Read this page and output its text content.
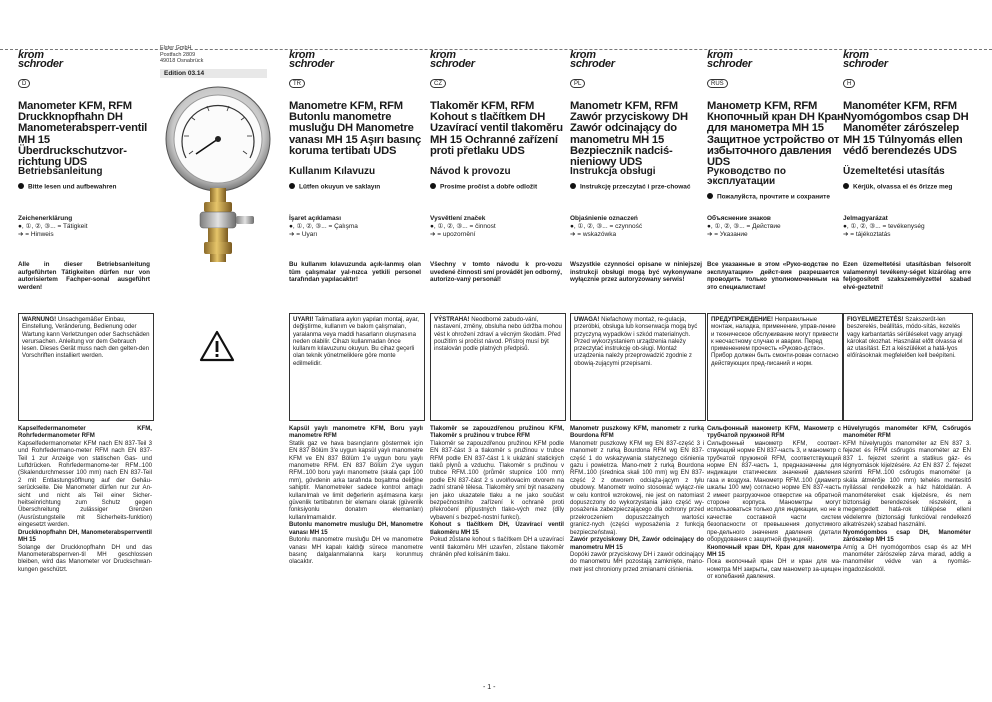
Elster GmbH
Postfach 2809
49018 Osnabrück
Edition 03.14
krom
schroder
D
Manometer KFM, RFM Druckknopfhahn DH Manometerabsperr-ventil MH 15 Überdruckschutzvor-richtung UDS
Betriebsanleitung
Bitte lesen und aufbewahren
Zeichenerklärung
●, ①, ②, ③... = Tätigkeit
➔ = Hinweis
Alle in dieser Betriebsanleitung aufgeführten Tätigkeiten dürfen nur von autorisiertem Fachper-sonal ausgeführt werden!
WARNUNG! Unsachgemäßer Einbau, Einstellung, Veränderung, Bedienung oder Wartung kann Verletzungen oder Sachschäden verursachen. Anleitung vor dem Gebrauch lesen. Dieses Gerät muss nach den gelten-den Vorschriften installiert werden.
Kapselfedermanometer KFM, Rohrfedermanometer RFM
Kapselfedermanometer KFM nach EN 837-Teil 3 und Rohrfedermano-meter RFM nach EN 837-Teil 1 zur Anzeige von statischen Gas- und Luftdrücken. Rohrfedermanome-ter RFM..100 (Skalendurchmesser 100 mm) nach EN 837-Teil 2 mit Entlastungsöffnung auf der Gehäu-serückseite. Die Manometer dürfen nur zur An-sicht und nicht als Teil einer Sicher-heitseinrichtung zum Schutz gegen Überschreitung zulässiger Grenzen (Ausrüstungsteile mit Sicherheits-funktion) eingesetzt werden.
Druckknopfhahn DH, Manometerabsperrventil MH 15
Solange der Druckknopfhahn DH und das Manometerabsperrven-til MH geschlossen bleiben, wird das Manometer vor Druckschwan-kungen geschützt.
krom
schroder
TR
Manometre KFM, RFM Butonlu manometre musluğu DH Manometre vanası MH 15 Aşırı basınç koruma tertibatı UDS
Kullanım Kılavuzu
Lütfen okuyun ve saklayın
İşaret açıklaması
●, ①, ②, ③... = Çalışma
➔ = Uyarı
Bu kullanım kılavuzunda açık-lanmış olan tüm çalışmalar yal-nızca yetkili personel tarafından yapılacaktır!
UYARI! Talimatlara aykırı yapılan montaj, ayar, değiştirme, kullanım ve bakım çalışmaları, yaralanma veya maddi hasarların oluşmasına neden olabilir. Cihazı kullanmadan önce kullanım kılavuzunu okuyun. Bu cihaz geçerli olan teknik yönetmeliklere göre monte edilmelidir.
Kapsül yaylı manometre KFM, Boru yaylı manometre RFM
Statik gaz ve hava basınçlarını göstermek için EN 837 Bölüm 3'e uygun kapsül yaylı manometre KFM ve EN 837 Bölüm 1'e uygun boru yaylı manometre RFM. EN 837 Bölüm 2'ye uygun RFM..100 boru yaylı manometre (skala çapı 100 mm), gövdenin arka tarafında boşaltma deliğine sahiptir. Manometreler sadece kontrol amaçlı kullanılmalı ve limit değerlerin aşılmasına karşı güvenlik tertibatının bir elemanı olarak (güvenlik fonksiyonlu donatım elemanları) kullanılmamalıdır.
Butonlu manometre musluğu DH, Manometre vanası MH 15
Butonlu manometre musluğu DH ve manometre vanası MH kapalı kaldığı sürece manometre basınç dalgalanmalarına karşı korunmuş olacaktır.
krom
schroder
CZ
Tlakoměr KFM, RFM Kohout s tlačítkem DH Uzavírací ventil tlakoměru MH 15 Ochranné zařízení proti přetlaku UDS
Návod k provozu
Prosíme pročíst a dobře odložit
Vysvětlení značek
●, ①, ②, ③... = činnost
➔ = upozornění
Všechny v tomto návodu k pro-vozu uvedené činnosti smí provádět jen odborný, autorizo-vaný personál!
VÝSTRAHA! Neodborné zabudo-vání, nastavení, změny, obsluha nebo údržba mohou vést k ohrožení zdraví a věcným škodám. Před použitím si pročíst návod. Přístroj musí být instalován podle platných předpisů.
Tlakoměr se zapouzdřenou pružinou KFM, Tlakoměr s pružinou v trubce RFM
Tlakoměr se zapouzdřenou pružinou KFM podle EN 837-část 3 a tlakoměr s pružinou v trubce RFM podle EN 837-část 1 k ukázání statických tlaků plynů a vzduchu. Tlakoměr s pružinou v trubce RFM..100 (průměr stupnice 100 mm) podle EN 837-část 2 s uvolňovacím otvorem na zadní straně tělesa. Tlakoměry smí být nasazeny jen jako ukazatele tlaku a ne jako součást bezpečnostního zařízení k ochraně proti překročení přípustných tlako-vých mez (díly vybavení s bezpeč-nostní funkcí).
Kohout s tlačítkem DH, Uzavírací ventil tlakoměru MH 15
Pokud zůstane kohout s tlačítkem DH a uzavírací ventil tlakoměru MH uzavřen, zůstane tlakoměr chráněn před kolísáním tlaku.
krom
schroder
PL
Manometr KFM, RFM Zawór przyciskowy DH Zawór odcinający do manometru MH 15 Bezpiecznik nadciś-nieniowy UDS
Instrukcja obsługi
Instrukcję przeczytać i prze-chować
Objaśnienie oznaczeń
●, ①, ②, ③... = czynność
➔ = wskazówka
Wszystkie czynności opisane w niniejszej instrukcji obsługi mogą być wykonywane wyłącznie przez autoryzowany serwis!
UWAGA! Niefachowy montaż, re-gulacja, przeróbki, obsługa lub konserwacja mogą być przyczyną wypadków i szkód materialnych. Przed wykorzystaniem urządzenia należy przeczytać instrukcję ob-sługi. Montaż urządzenia należy przeprowadzić zgodnie z obowią-zującymi przepisami.
Manometr puszkowy KFM, manometr z rurką Bourdona RFM
Manometr puszkowy KFM wg EN 837-część 3 i manometr z rurką Bourdona RFM wg EN 837-część 1 do wskazywania statycznego ciśnienia gazu i powietrza. Mano-metr z rurką Bourdona RFM..100 (średnica skali 100 mm) wg EN 837-część 2 z otworem odciąża-jącym z tyłu obudowy. Manometr wolno stosować wyłącz-nie w celu kontroli wzrokowej, nie jest on natomiast dopuszczony do wykorzystania jako część wy-posażenia zabezpieczającego dla ochrony przed przekroczeniem dopuszczalnych wartości granicz-nych (części wyposażenia z funkcją bezpieczeństwa).
Zawór przyciskowy DH, Zawór odcinający do manometru MH 15
Dopóki zawór przyciskowy DH i zawór odcinający do manometru MH pozostają zamknięte, mano-metr jest chroniony przed zmianami ciśnienia.
krom
schroder
RUS
Манометр KFM, RFM Кнопочный кран DH Кран для манометра MH 15 Защитное устройство от избыточного давления UDS
Руководство по эксплуатации
Пожалуйста, прочтите и сохраните
Объяснение знаков
●, ①, ②, ③... = Действие
➔ = Указание
Все указанные в этом «Руко-водстве по эксплуатации» дейст-вия разрешается проводить только уполномоченным на это специалистам!
ПРЕДУПРЕЖДЕНИЕ! Неправильные монтаж, наладка, применение, управ-ление и техническое обслуживание могут привести к несчастному случаю и аварии. Перед применением прочесть «Руково-дство». Прибор должен быть смонти-рован согласно действующих пред-писаний и норм.
Сильфонный манометр KFM, Манометр с трубчатой пружиной RFM
Сильфонный манометр KFM, соответ-ствующий норме EN 837-часть 3, и манометр с трубчатой пружиной RFM, соответствующий норме EN 837-часть 1, предназначены для индикации статических значений давления газа и воздуха. Манометр RFM..100 (диаметр шкалы 100 мм) согласно норме EN 837-часть 2 имеет разгрузочное отверстие на обратной стороне корпуса. Манометры могут использоваться только для индикации, но не в качестве составной части систем безопасности от превышения допустимого пре-дельного значения давления (детали оборудования с защитной функцией).
Кнопочный кран DH, Кран для манометра MH 15
Пока кнопочный кран DH и кран для ма-нометра MH закрыты, сам манометр за-щищен от колебаний давления.
krom
schroder
H
Manométer KFM, RFM Nyomógombos csap DH Manométer zárószelep MH 15 Túlnyomás ellen védő berendezés UDS
Üzemeltetési utasítás
Kérjük, olvassa el és őrizze meg
Jelmagyarázat
●, ①, ②, ③... = tevékenység
➔ = tájékoztatás
Ezen üzemeltetési utasításban felsorolt valamennyi tevékeny-séget kizárólag erre feljogosított szakszemélyzettel szabad elvé-geztetni!
FIGYELMEZTETÉS! Szakszerűt-len beszerelés, beállítás, módo-sítás, kezelés vagy karbantartás sérüléseket vagy anyagi károkat okozhat. Használat előtt olvassa el az utasítást. Ezt a készüléket a hatá-lyos előírásoknak megfelelően kell beépíteni.
Hüvelyrugós manométer KFM, Csőrugós manométer RFM
KFM hüvelyrugós manométer az EN 837 3. fejezet és RFM csőrugós manométer az EN 837 1. fejezet szerint a statikus gáz- és légnyomások kijelzésére. Az EN 837 2. fejezet szerinti RFM..100 csőrugós manométer (a skála átmérője 100 mm) tehelés mentesítő nyílással rendelkezik a ház hátoldalán. A manométereket csak kijelzésre, és nem biztonsági berendezések részeként, a megengedett hatá-rok túllépése elleni védelemre (biztonsági funkcióval rendelkező alkatrészek) szabad használni.
Nyomógombos csap DH, Manométer zárószelep MH 15
Amíg a DH nyomógombos csap és az MH manométer zárószelep zárva marad, addig a manométer védve van a nyomás-ingadozásoktól.
- 1 -
